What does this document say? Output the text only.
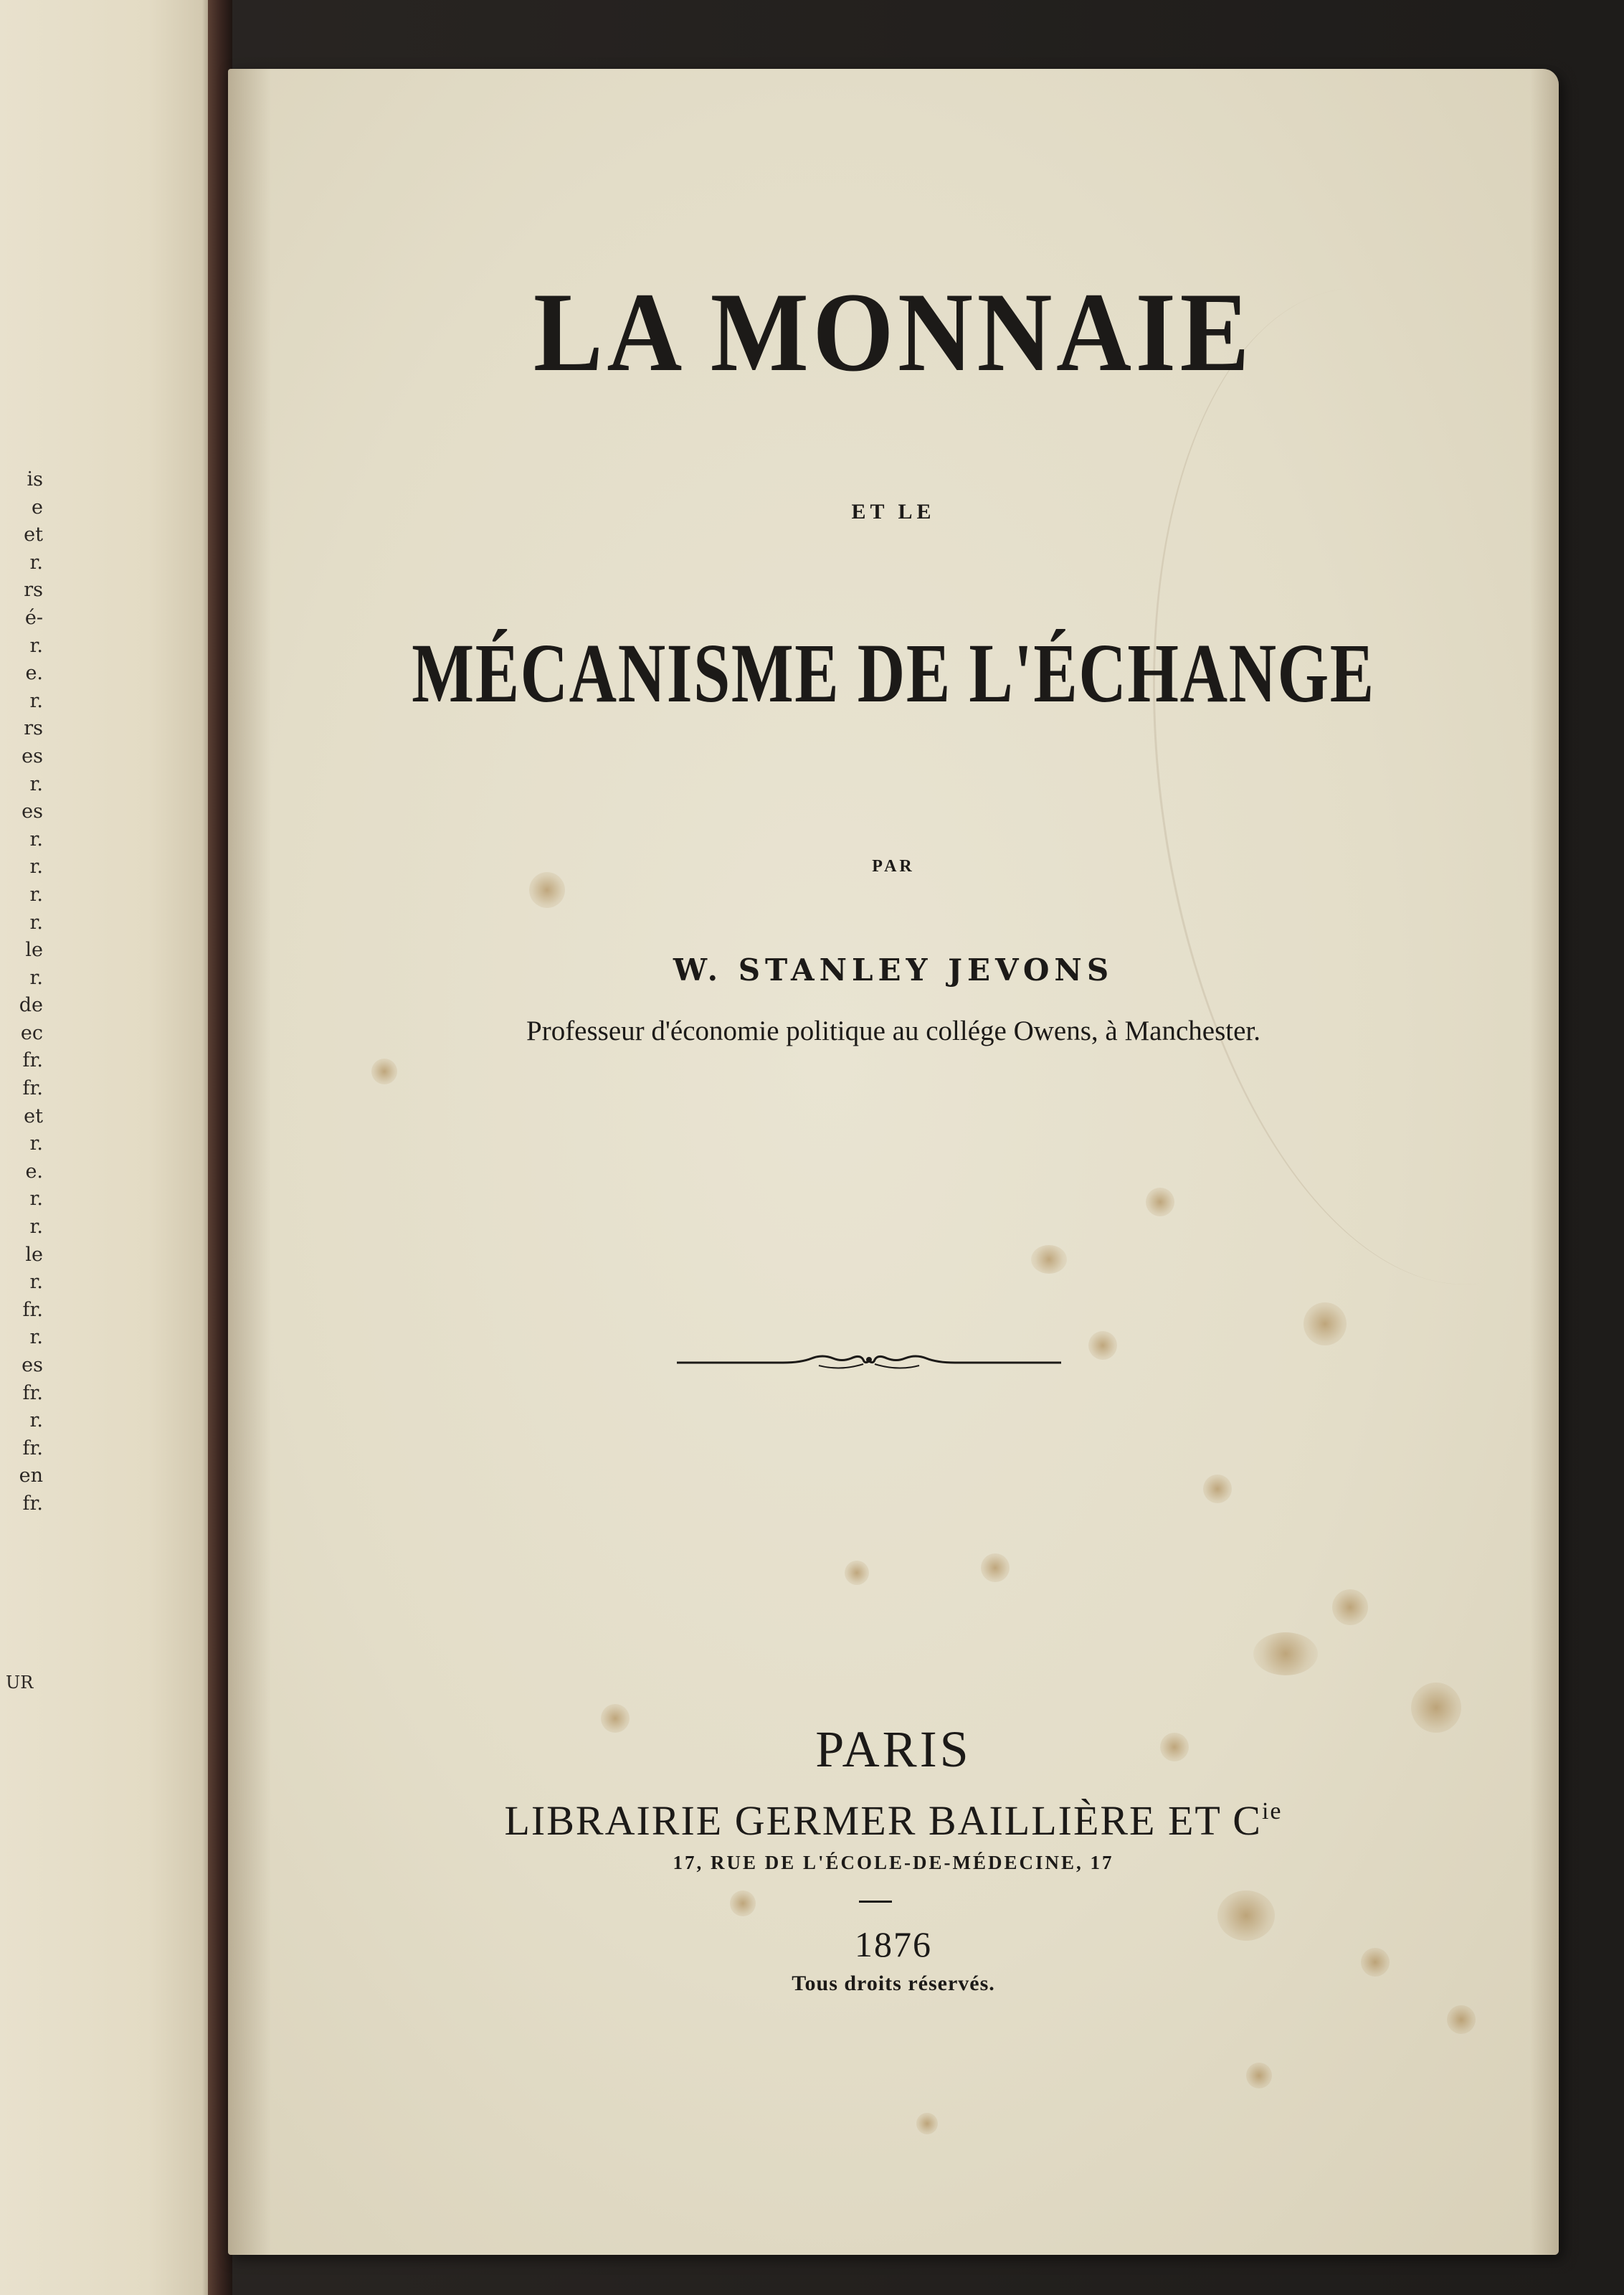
is
e
et
r.
rs
é-
r.
e.
r.
rs
es
r.
es
r.
r.
r.
r.
le
r.
de
ec
fr.
fr.
et
r.
e.
r.
r.
le
r.
fr.
r.
es
fr.
r.
fr.
en
fr.
UR
LA MONNAIE
ET LE
MÉCANISME DE L'ÉCHANGE
PAR
W. STANLEY JEVONS
Professeur d'économie politique au collége Owens, à Manchester.
PARIS
LIBRAIRIE GERMER BAILLIÈRE ET $C^{ie}$
17, RUE DE L'ÉCOLE-DE-MÉDECINE, 17
1876
Tous droits réservés.
